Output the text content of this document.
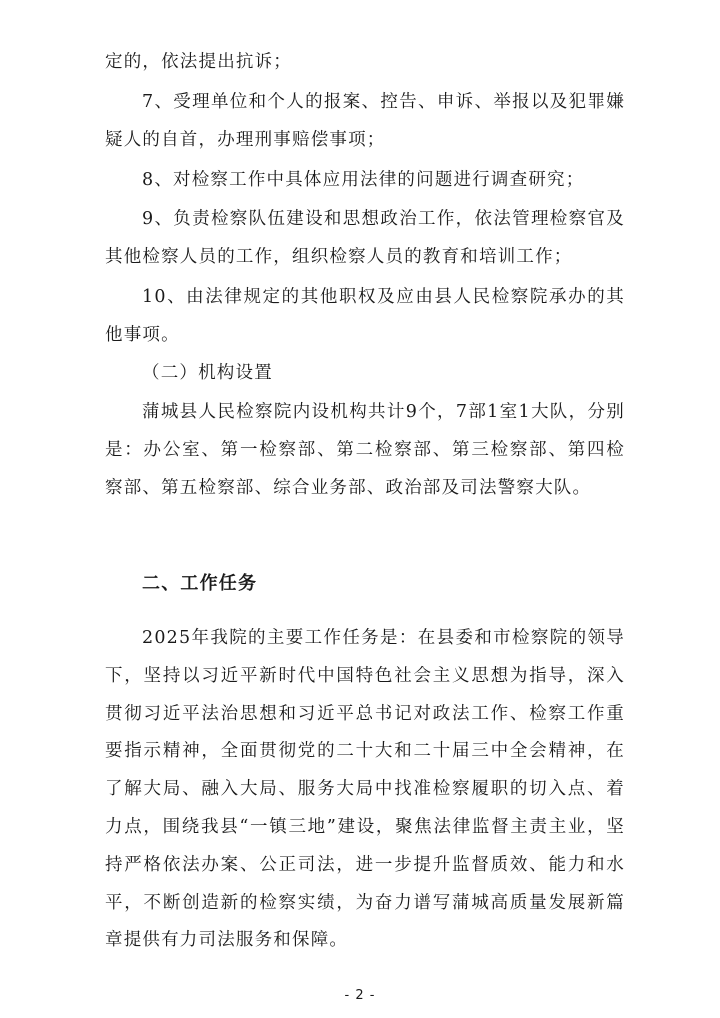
定的，依法提出抗诉；

7、受理单位和个人的报案、控告、申诉、举报以及犯罪嫌疑人的自首，办理刑事赔偿事项；

8、对检察工作中具体应用法律的问题进行调查研究；

9、负责检察队伍建设和思想政治工作，依法管理检察官及其他检察人员的工作，组织检察人员的教育和培训工作；

10、由法律规定的其他职权及应由县人民检察院承办的其他事项。

（二）机构设置

蒲城县人民检察院内设机构共计9个，7部1室1大队，分别是：办公室、第一检察部、第二检察部、第三检察部、第四检察部、第五检察部、综合业务部、政治部及司法警察大队。

二、工作任务

2025年我院的主要工作任务是：在县委和市检察院的领导下，坚持以习近平新时代中国特色社会主义思想为指导，深入贯彻习近平法治思想和习近平总书记对政法工作、检察工作重要指示精神，全面贯彻党的二十大和二十届三中全会精神，在了解大局、融入大局、服务大局中找准检察履职的切入点、着力点，围绕我县“一镇三地”建设，聚焦法律监督主责主业，坚持严格依法办案、公正司法，进一步提升监督质效、能力和水平，不断创造新的检察实绩，为奋力谱写蒲城高质量发展新篇章提供有力司法服务和保障。

- 2 -
